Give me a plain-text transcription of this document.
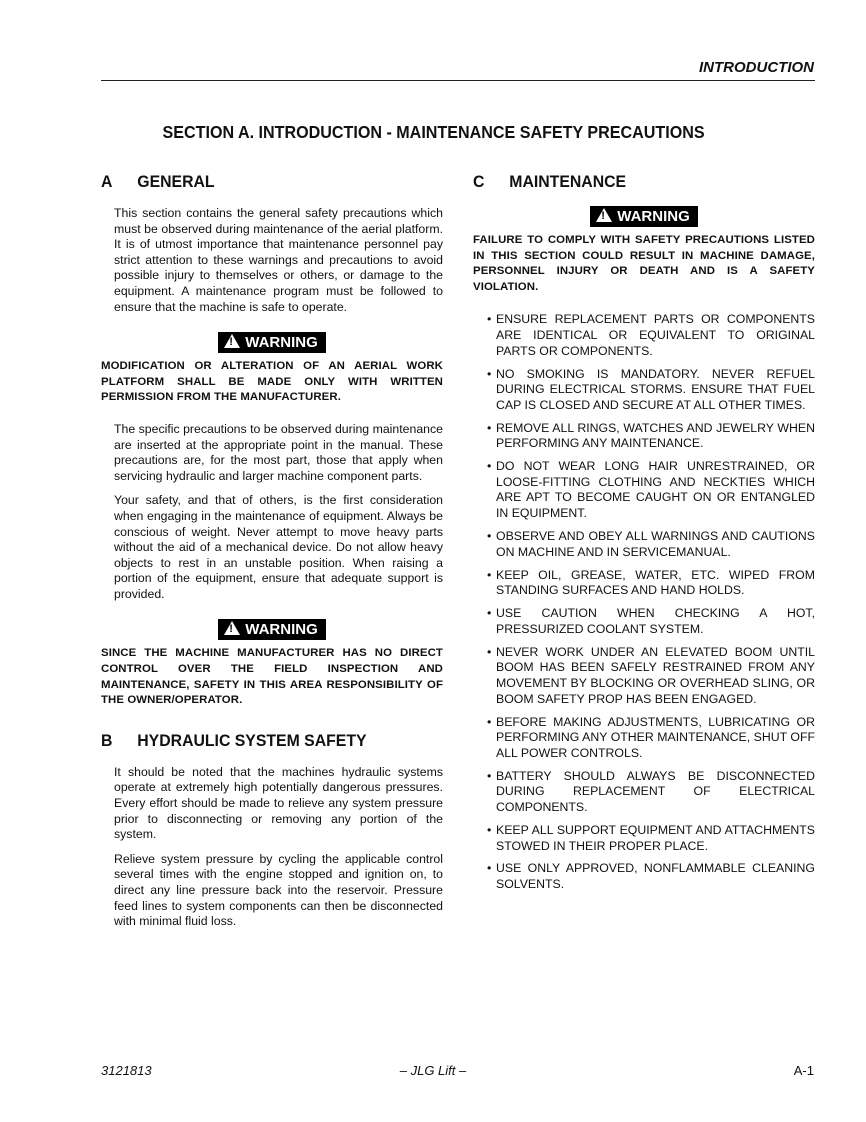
INTRODUCTION
SECTION A. INTRODUCTION - MAINTENANCE SAFETY PRECAUTIONS
A	GENERAL

This section contains the general safety precautions which must be observed during maintenance of the aerial platform. It is of utmost importance that maintenance personnel pay strict attention to these warnings and precautions to avoid possible injury to themselves or others, or damage to the equipment. A maintenance program must be followed to ensure that the machine is safe to operate.

! WARNING

MODIFICATION OR ALTERATION OF AN AERIAL WORK PLATFORM SHALL BE MADE ONLY WITH WRITTEN PERMISSION FROM THE MANUFACTURER.

The specific precautions to be observed during maintenance are inserted at the appropriate point in the manual. These precautions are, for the most part, those that apply when servicing hydraulic and larger machine component parts.

Your safety, and that of others, is the first consideration when engaging in the maintenance of equipment. Always be conscious of weight. Never attempt to move heavy parts without the aid of a mechanical device. Do not allow heavy objects to rest in an unstable position. When raising a portion of the equipment, ensure that adequate support is provided.

! WARNING

SINCE THE MACHINE MANUFACTURER HAS NO DIRECT CONTROL OVER THE FIELD INSPECTION AND MAINTENANCE, SAFETY IN THIS AREA RESPONSIBILITY OF THE OWNER/OPERATOR.

B	HYDRAULIC SYSTEM SAFETY

It should be noted that the machines hydraulic systems operate at extremely high potentially dangerous pressures. Every effort should be made to relieve any system pressure prior to disconnecting or removing any portion of the system.

Relieve system pressure by cycling the applicable control several times with the engine stopped and ignition on, to direct any line pressure back into the reservoir. Pressure feed lines to system components can then be disconnected with minimal fluid loss.

C	MAINTENANCE
! WARNING

FAILURE TO COMPLY WITH SAFETY PRECAUTIONS LISTED IN THIS SECTION COULD RESULT IN MACHINE DAMAGE, PERSONNEL INJURY OR DEATH AND IS A SAFETY VIOLATION.

• ENSURE REPLACEMENT PARTS OR COMPONENTS ARE IDENTICAL OR EQUIVALENT TO ORIGINAL PARTS OR COMPONENTS.
• NO SMOKING IS MANDATORY. NEVER REFUEL DURING ELECTRICAL STORMS. ENSURE THAT FUEL CAP IS CLOSED AND SECURE AT ALL OTHER TIMES.
• REMOVE ALL RINGS, WATCHES AND JEWELRY WHEN PERFORMING ANY MAINTENANCE.
• DO NOT WEAR LONG HAIR UNRESTRAINED, OR LOOSE-FITTING CLOTHING AND NECKTIES WHICH ARE APT TO BECOME CAUGHT ON OR ENTANGLED IN EQUIPMENT.
• OBSERVE AND OBEY ALL WARNINGS AND CAUTIONS ON MACHINE AND IN SERVICEMANUAL.
• KEEP OIL, GREASE, WATER, ETC. WIPED FROM STANDING SURFACES AND HAND HOLDS.
• USE CAUTION WHEN CHECKING A HOT, PRESSURIZED COOLANT SYSTEM.
• NEVER WORK UNDER AN ELEVATED BOOM UNTIL BOOM HAS BEEN SAFELY RESTRAINED FROM ANY MOVEMENT BY BLOCKING OR OVERHEAD SLING, OR BOOM SAFETY PROP HAS BEEN ENGAGED.
• BEFORE MAKING ADJUSTMENTS, LUBRICATING OR PERFORMING ANY OTHER MAINTENANCE, SHUT OFF ALL POWER CONTROLS.
• BATTERY SHOULD ALWAYS BE DISCONNECTED DURING REPLACEMENT OF ELECTRICAL COMPONENTS.
• KEEP ALL SUPPORT EQUIPMENT AND ATTACHMENTS STOWED IN THEIR PROPER PLACE.
• USE ONLY APPROVED, NONFLAMMABLE CLEANING SOLVENTS.
3121813	– JLG Lift –	A-1
